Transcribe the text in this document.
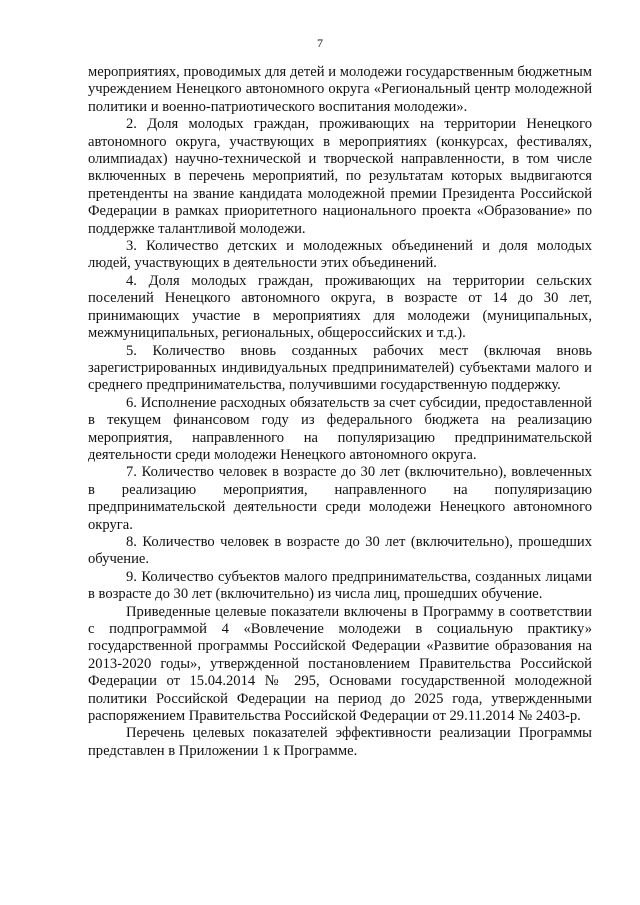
7

мероприятиях, проводимых для детей и молодежи государственным бюджетным учреждением Ненецкого автономного округа «Региональный центр молодежной политики и военно-патриотического воспитания молодежи».

2. Доля молодых граждан, проживающих на территории Ненецкого автономного округа, участвующих в мероприятиях (конкурсах, фестивалях, олимпиадах) научно-технической и творческой направленности, в том числе включенных в перечень мероприятий, по результатам которых выдвигаются претенденты на звание кандидата молодежной премии Президента Российской Федерации в рамках приоритетного национального проекта «Образование» по поддержке талантливой молодежи.

3. Количество детских и молодежных объединений и доля молодых людей, участвующих в деятельности этих объединений.

4. Доля молодых граждан, проживающих на территории сельских поселений Ненецкого автономного округа, в возрасте от 14 до 30 лет, принимающих участие в мероприятиях для молодежи (муниципальных, межмуниципальных, региональных, общероссийских и т.д.).

5. Количество вновь созданных рабочих мест (включая вновь зарегистрированных индивидуальных предпринимателей) субъектами малого и среднего предпринимательства, получившими государственную поддержку.

6. Исполнение расходных обязательств за счет субсидии, предоставленной в текущем финансовом году из федерального бюджета на реализацию мероприятия, направленного на популяризацию предпринимательской деятельности среди молодежи Ненецкого автономного округа.

7. Количество человек в возрасте до 30 лет (включительно), вовлеченных в реализацию мероприятия, направленного на популяризацию предпринимательской деятельности среди молодежи Ненецкого автономного округа.

8. Количество человек в возрасте до 30 лет (включительно), прошедших обучение.

9. Количество субъектов малого предпринимательства, созданных лицами в возрасте до 30 лет (включительно) из числа лиц, прошедших обучение.

Приведенные целевые показатели включены в Программу в соответствии с подпрограммой 4 «Вовлечение молодежи в социальную практику» государственной программы Российской Федерации «Развитие образования на 2013-2020 годы», утвержденной постановлением Правительства Российской Федерации от 15.04.2014 № 295, Основами государственной молодежной политики Российской Федерации на период до 2025 года, утвержденными распоряжением Правительства Российской Федерации от 29.11.2014 № 2403-р.

Перечень целевых показателей эффективности реализации Программы представлен в Приложении 1 к Программе.
